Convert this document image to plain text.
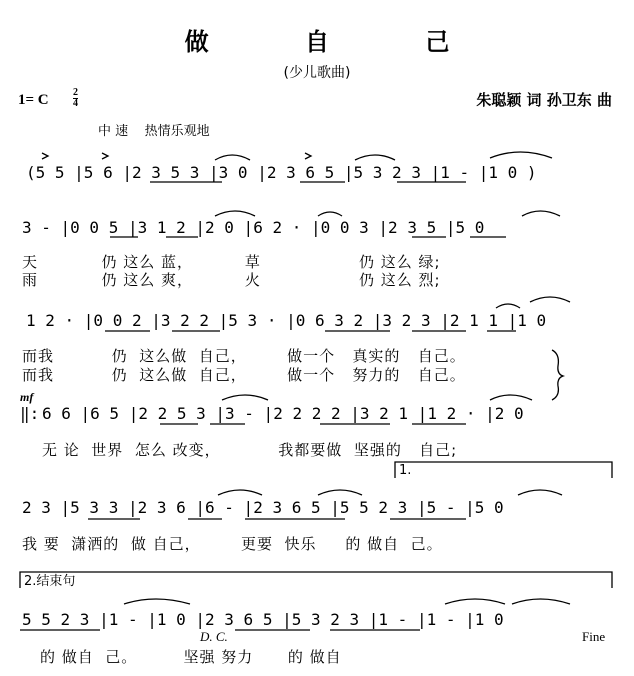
做 自 己
(少儿歌曲)
1= C 2
4	朱聪颖 词 孙卫东 曲
中 速    热情乐观地
(5 5 |5 6 |2 3 5 3 |3 0 |2 3 6 5 |5 3 2 3 |1 - |1 0 )
3 - |0 0 5 |3 1 2 |2 0 |6 2 · |0 0 3 |2 3 5 |5 0
天           仍 这么 蓝，         草                 仍 这么 绿;
雨           仍 这么 爽，         火                 仍 这么 烈;
1 2 · |0 0 2 |3 2 2 |5 3 · |0 6 3 2 |3 2 3 |2 1 1 |1 0
而我          仍  这么做  自己，       做一个   真实的   自己。
而我          仍  这么做  自己，       做一个   努力的   自己。
mf
‖: 6 6 |6 5 |2 2 5 3 |3 - |2 2 2 2 |3 2 1 |1 2 · |2 0
无 论  世界  怎么 改变，          我都要做  坚强的   自己;
1.
2 3 |5 3 3 |2 3 6 |6 - |2 3 6 5 |5 5 2 3 |5 - |5 0
我 要  潇洒的  做 自己，       更要  快乐     的 做自  己。
2.结束句
5 5 2 3 |1 - |1 0 |2 3 6 5 |5 3 2 3 |1 - |1 - |1 0
D. C.	Fine
的 做自  己。        坚强 努力      的 做自
